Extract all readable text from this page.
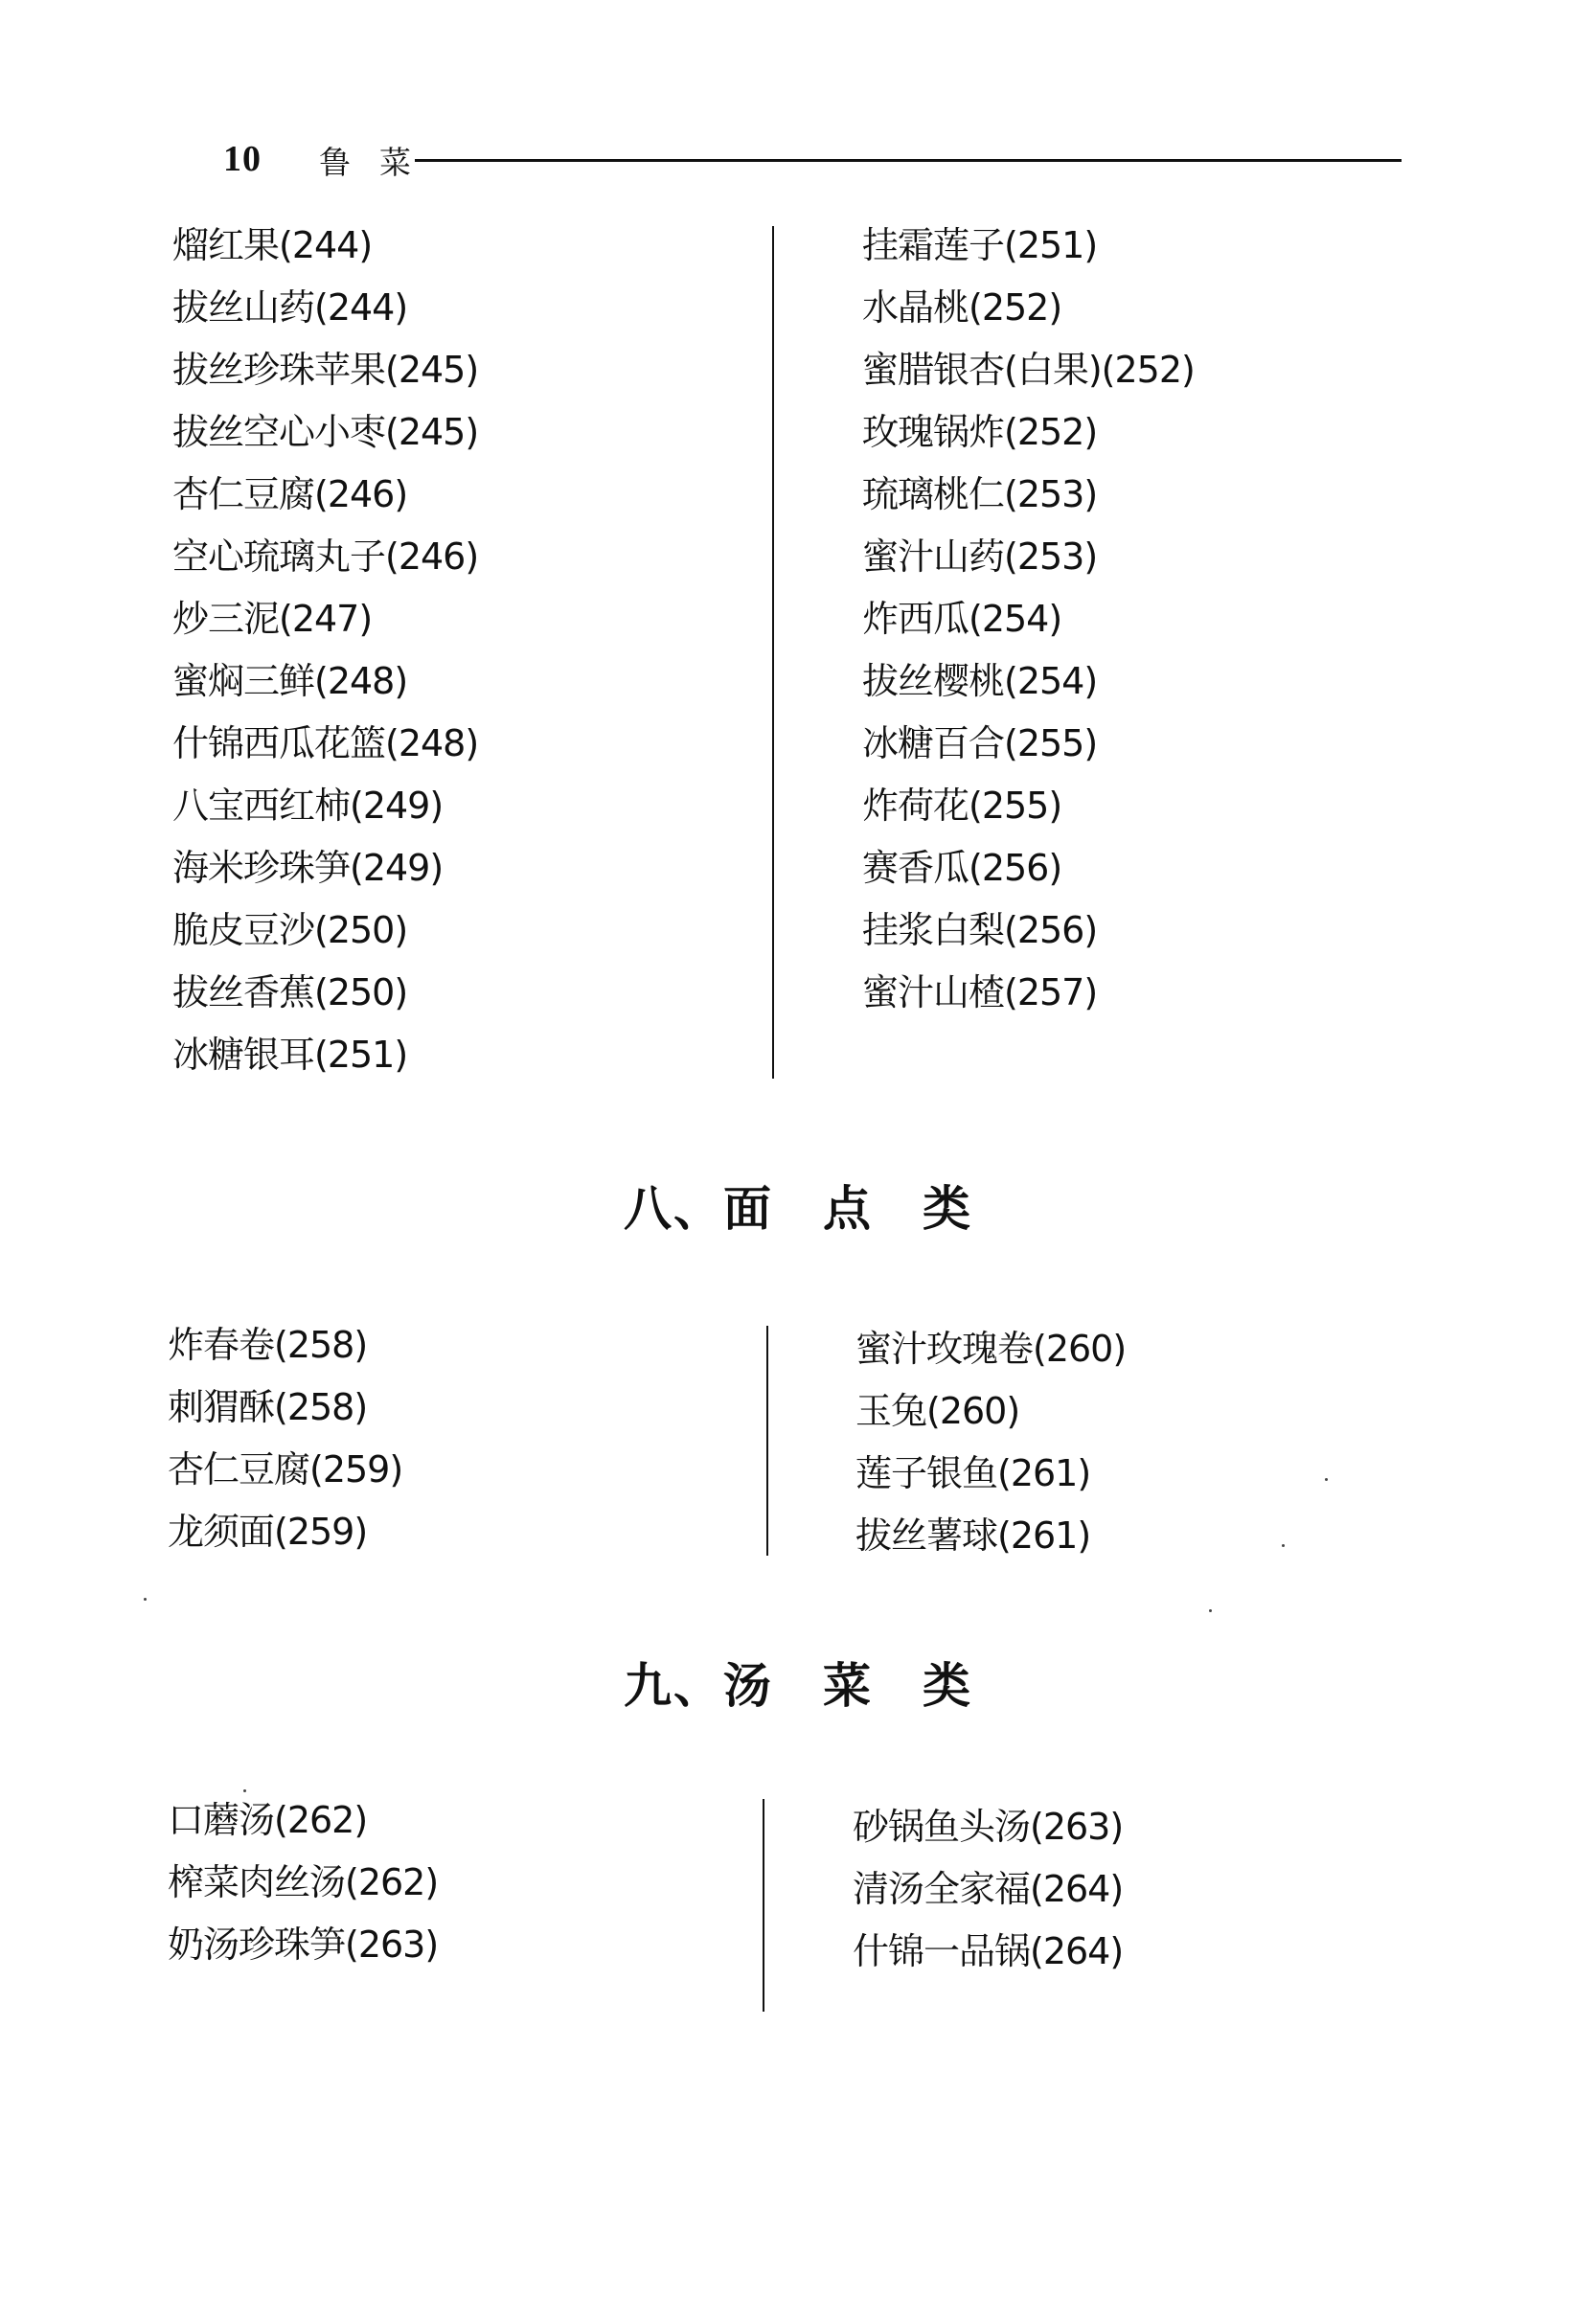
10 鲁菜
熘红果(244)
拔丝山药(244)
拔丝珍珠苹果(245)
拔丝空心小枣(245)
杏仁豆腐(246)
空心琉璃丸子(246)
炒三泥(247)
蜜焖三鲜(248)
什锦西瓜花篮(248)
八宝西红柿(249)
海米珍珠笋(249)
脆皮豆沙(250)
拔丝香蕉(250)
冰糖银耳(251)
挂霜莲子(251)
水晶桃(252)
蜜腊银杏(白果)(252)
玫瑰锅炸(252)
琉璃桃仁(253)
蜜汁山药(253)
炸西瓜(254)
拔丝樱桃(254)
冰糖百合(255)
炸荷花(255)
赛香瓜(256)
挂浆白梨(256)
蜜汁山楂(257)
八、面　点　类
炸春卷(258)
刺猬酥(258)
杏仁豆腐(259)
龙须面(259)
蜜汁玫瑰卷(260)
玉兔(260)
莲子银鱼(261)
拔丝薯球(261)
九、汤　菜　类
口蘑汤(262)
榨菜肉丝汤(262)
奶汤珍珠笋(263)
砂锅鱼头汤(263)
清汤全家福(264)
什锦一品锅(264)
